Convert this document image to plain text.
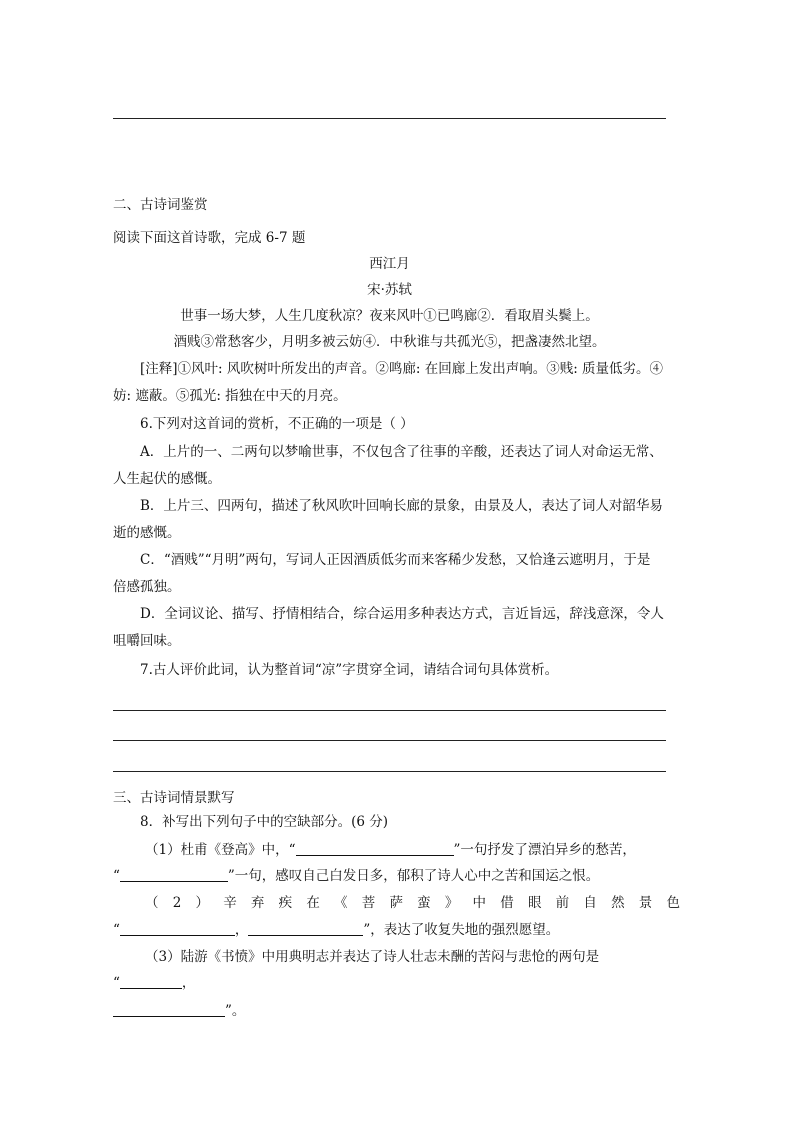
二、古诗词鉴赏
阅读下面这首诗歌，完成 6-7 题
西江月
宋·苏轼
世事一场大梦，人生几度秋凉？夜来风叶①已鸣廊②．看取眉头鬓上。
酒贱③常愁客少，月明多被云妨④．中秋谁与共孤光⑤，把盏凄然北望。
[注释]①风叶: 风吹树叶所发出的声音。②鸣廊: 在回廊上发出声响。③贱: 质量低劣。④
妨: 遮蔽。⑤孤光: 指独在中天的月亮。
6.下列对这首词的赏析，不正确的一项是（ ）
A．上片的一、二两句以梦喻世事，不仅包含了往事的辛酸，还表达了词人对命运无常、
人生起伏的感慨。
B．上片三、四两句，描述了秋风吹叶回响长廊的景象，由景及人，表达了词人对韶华易
逝的感慨。
C．“酒贱”“月明”两句，写词人正因酒质低劣而来客稀少发愁，又恰逢云遮明月，于是
倍感孤独。
D．全词议论、描写、抒情相结合，综合运用多种表达方式，言近旨远，辞浅意深，令人
咀嚼回味。
7.古人评价此词，认为整首词“凉”字贯穿全词，请结合词句具体赏析。
三、古诗词情景默写
8．补写出下列句子中的空缺部分。(6 分)
（1）杜甫《登高》中，“	”一句抒发了漂泊异乡的愁苦，
“	”一句，感叹自己白发日多，郁积了诗人心中之苦和国运之恨。
（2）辛弃疾在《菩萨蛮》中借眼前自然景色
“	，	”，表达了收复失地的强烈愿望。
（3）陆游《书愤》中用典明志并表达了诗人壮志未酬的苦闷与悲怆的两句是
“	，
”。
